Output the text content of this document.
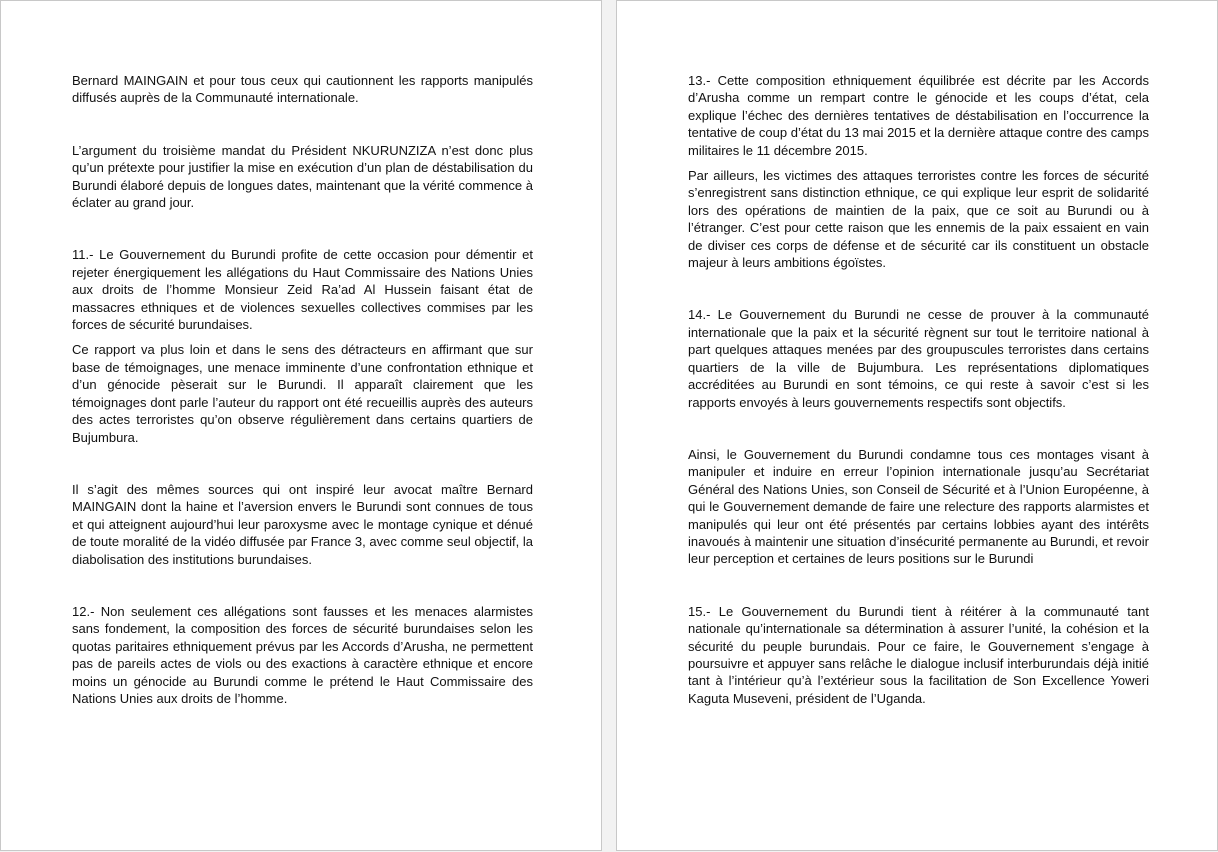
Bernard MAINGAIN et pour tous ceux qui cautionnent les rapports manipulés diffusés auprès de la Communauté internationale.

L’argument du troisième mandat du Président NKURUNZIZA n’est donc plus qu’un prétexte pour justifier la mise en exécution d’un plan de déstabilisation du Burundi élaboré depuis de longues dates, maintenant que la vérité commence à éclater au grand jour.

11.- Le Gouvernement du Burundi profite de cette occasion pour démentir et rejeter énergiquement les allégations du Haut Commissaire des Nations Unies aux droits de l’homme Monsieur Zeid Ra’ad Al Hussein faisant état de massacres ethniques et de violences sexuelles collectives commises par les forces de sécurité burundaises.

Ce rapport va plus loin et dans le sens des détracteurs en affirmant que sur base de témoignages, une menace imminente d’une confrontation ethnique et d’un génocide pèserait sur le Burundi. Il apparaît clairement que les témoignages dont parle l’auteur du rapport ont été recueillis auprès des auteurs des actes terroristes qu’on observe régulièrement dans certains quartiers de Bujumbura.

Il s’agit des mêmes sources qui ont inspiré leur avocat maître Bernard MAINGAIN dont la haine et l’aversion envers le Burundi sont connues de tous et qui atteignent aujourd’hui leur paroxysme avec le montage cynique et dénué de toute moralité de la vidéo diffusée par France 3, avec comme seul objectif, la diabolisation des institutions burundaises.

12.- Non seulement ces allégations sont fausses et les menaces alarmistes sans fondement, la composition des forces de sécurité burundaises selon les quotas paritaires ethniquement prévus par les Accords d’Arusha, ne permettent pas de pareils actes de viols ou des exactions à caractère ethnique et encore moins un génocide au Burundi comme le prétend le Haut Commissaire des Nations Unies aux droits de l’homme.

13.- Cette composition ethniquement équilibrée est décrite par les Accords d’Arusha comme un rempart contre le génocide et les coups d’état, cela explique l’échec des dernières tentatives de déstabilisation en l’occurrence la tentative de coup d’état du 13 mai 2015 et la dernière attaque contre des camps militaires le 11 décembre 2015.

Par ailleurs, les victimes des attaques terroristes contre les forces de sécurité s’enregistrent sans distinction ethnique, ce qui explique leur esprit de solidarité lors des opérations de maintien de la paix, que ce soit au Burundi ou à l’étranger. C’est pour cette raison que les ennemis de la paix essaient en vain de diviser ces corps de défense et de sécurité car ils constituent un obstacle majeur à leurs ambitions égoïstes.

14.- Le Gouvernement du Burundi ne cesse de prouver à la communauté internationale que la paix et la sécurité règnent sur tout le territoire national à part quelques attaques menées par des groupuscules terroristes dans certains quartiers de la ville de Bujumbura. Les représentations diplomatiques accréditées au Burundi en sont témoins, ce qui reste à savoir c’est si les rapports envoyés à leurs gouvernements respectifs sont objectifs.

Ainsi, le Gouvernement du Burundi condamne tous ces montages visant à manipuler et induire en erreur l’opinion internationale jusqu’au Secrétariat Général des Nations Unies, son Conseil de Sécurité et à l’Union Européenne, à qui le Gouvernement demande de faire une relecture des rapports alarmistes et manipulés qui leur ont été présentés par certains lobbies ayant des intérêts inavoués à maintenir une situation d’insécurité permanente au Burundi, et revoir leur perception et certaines de leurs positions sur le Burundi

15.- Le Gouvernement du Burundi tient à réitérer à la communauté tant nationale qu’internationale sa détermination à assurer l’unité, la cohésion et la sécurité du peuple burundais. Pour ce faire, le Gouvernement s’engage à poursuivre et appuyer sans relâche le dialogue inclusif interburundais déjà initié tant à l’intérieur qu’à l’extérieur sous la facilitation de Son Excellence Yoweri Kaguta Museveni, président de l’Uganda.
